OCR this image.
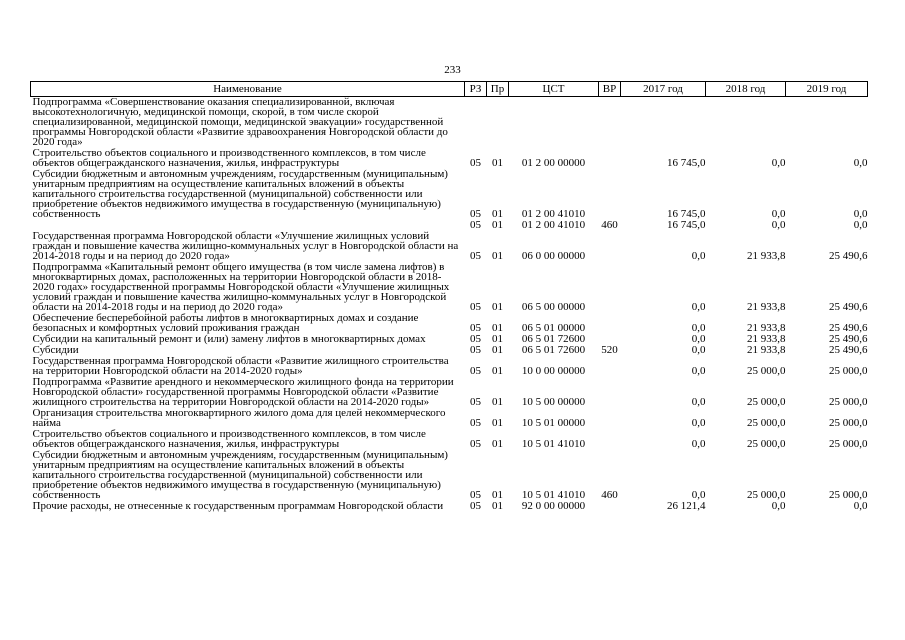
233
Наименование	РЗ	Пр	ЦСТ	ВР	2017 год	2018 год	2019 год
Подпрограмма «Совершенствование оказания специализированной, включая высокотехнологичную, медицинской помощи, скорой, в том числе скорой специализированной, медицинской помощи, медицинской эвакуации» государственной программы Новгородской области «Развитие здравоохранения Новгородской области до 2020 года»							
Строительство объектов социального и производственного комплексов, в том числе объектов общегражданского назначения, жилья, инфраструктуры	05	01	01 2 00 00000		16 745,0	0,0	0,0
Субсидии бюджетным и автономным учреждениям, государственным (муниципальным) унитарным предприятиям на осуществление капитальных вложений в объекты капитального строительства государственной (муниципальной) собственности или приобретение объектов недвижимого имущества в государственную (муниципальную) собственность	05	01	01 2 00 41010		16 745,0	0,0	0,0
	05	01	01 2 00 41010	460	16 745,0	0,0	0,0
Государственная программа Новгородской области «Улучшение жилищных условий граждан и повышение качества жилищно-коммунальных услуг в Новгородской области на 2014-2018 годы и на период до 2020 года»	05	01	06 0 00 00000		0,0	21 933,8	25 490,6
Подпрограмма «Капитальный ремонт общего имущества (в том числе замена лифтов) в многоквартирных домах, расположенных на территории Новгородской области в 2018-2020 годах» государственной программы Новгородской области «Улучшение жилищных условий граждан и повышение качества жилищно-коммунальных услуг в Новгородской области на 2014-2018 годы и на период до 2020 года»	05	01	06 5 00 00000		0,0	21 933,8	25 490,6
Обеспечение бесперебойной работы лифтов в многоквартирных домах и создание безопасных и комфортных условий проживания граждан	05	01	06 5 01 00000		0,0	21 933,8	25 490,6
Субсидии на капитальный ремонт и (или) замену лифтов в многоквартирных домах	05	01	06 5 01 72600		0,0	21 933,8	25 490,6
Субсидии	05	01	06 5 01 72600	520	0,0	21 933,8	25 490,6
Государственная программа Новгородской области «Развитие жилищного строительства на территории Новгородской области на 2014-2020 годы»	05	01	10 0 00 00000		0,0	25 000,0	25 000,0
Подпрограмма «Развитие арендного и некоммерческого жилищного фонда на территории Новгородской области» государственной программы Новгородской области «Развитие жилищного строительства на территории Новгородской области на 2014-2020 годы»	05	01	10 5 00 00000		0,0	25 000,0	25 000,0
Организация строительства многоквартирного жилого дома для целей некоммерческого найма	05	01	10 5 01 00000		0,0	25 000,0	25 000,0
Строительство объектов социального и производственного комплексов, в том числе объектов общегражданского назначения, жилья, инфраструктуры	05	01	10 5 01 41010		0,0	25 000,0	25 000,0
Субсидии бюджетным и автономным учреждениям, государственным (муниципальным) унитарным предприятиям на осуществление капитальных вложений в объекты капитального строительства государственной (муниципальной) собственности или приобретение объектов недвижимого имущества в государственную (муниципальную) собственность	05	01	10 5 01 41010	460	0,0	25 000,0	25 000,0
Прочие расходы, не отнесенные к государственным программам Новгородской области	05	01	92 0 00 00000		26 121,4	0,0	0,0
